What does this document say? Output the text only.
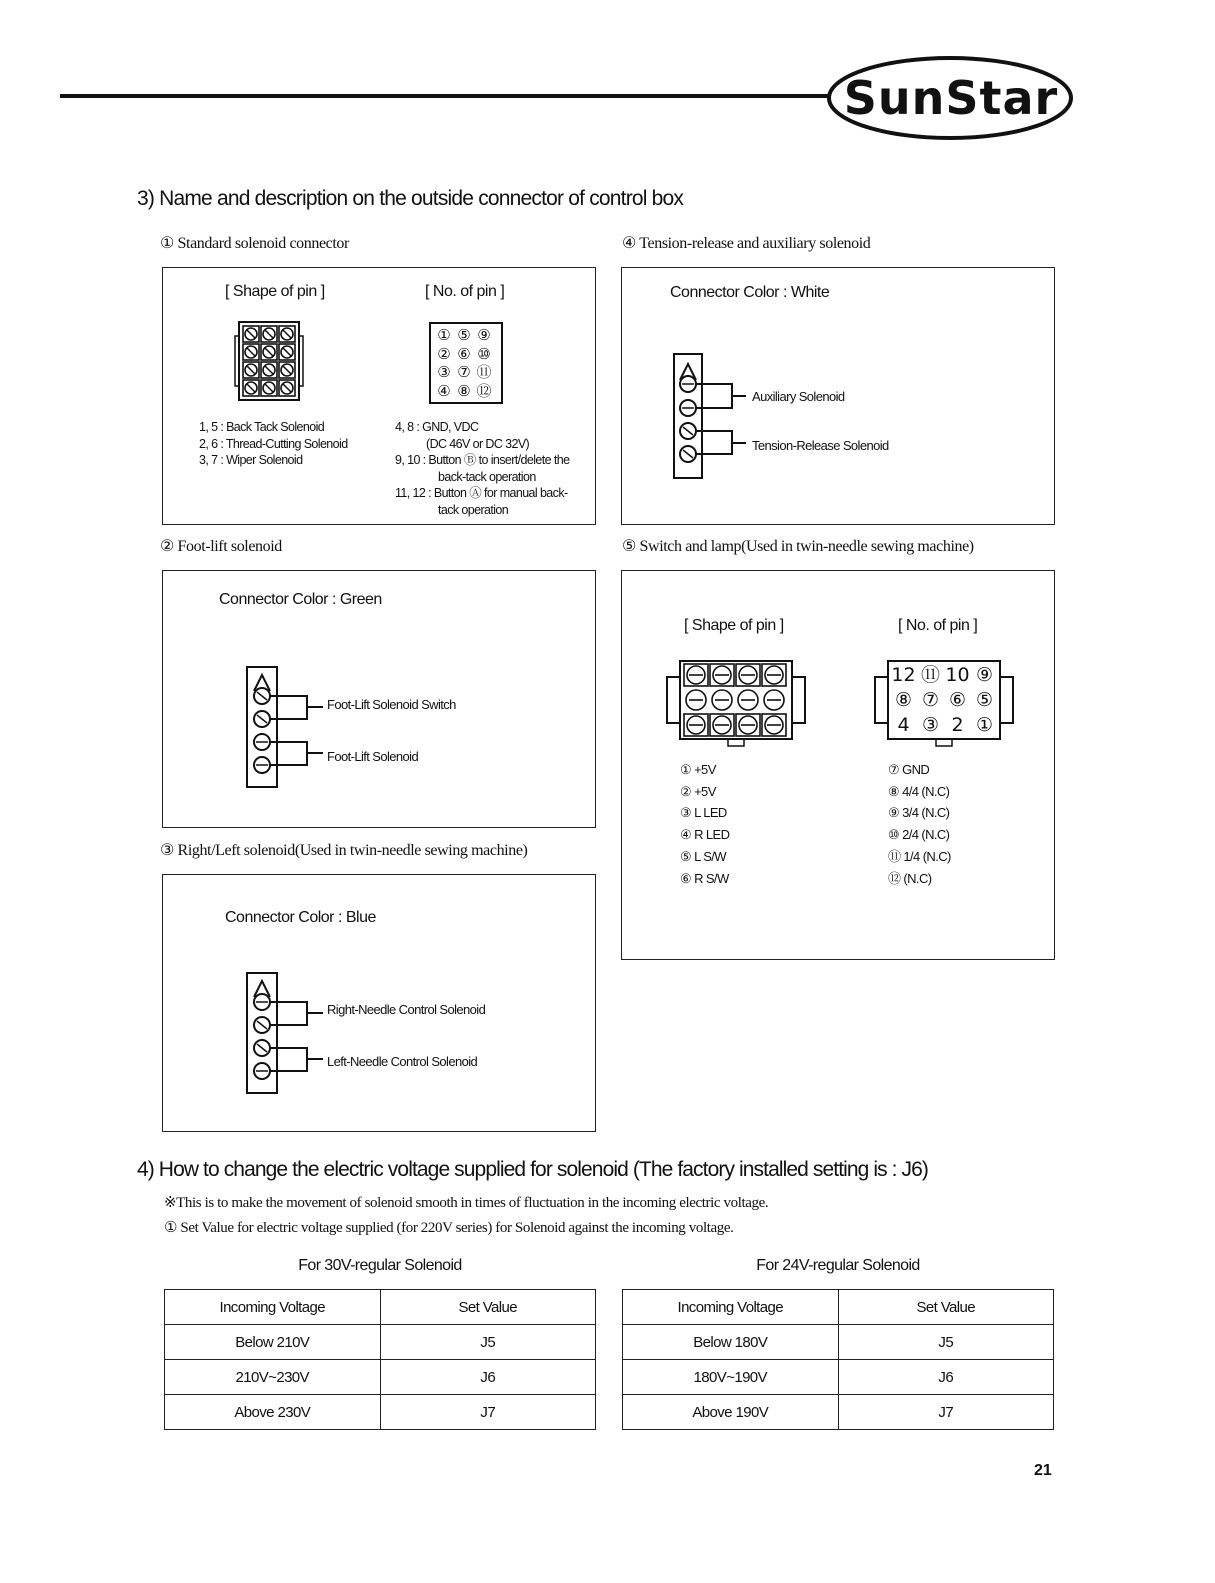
SunStar
3) Name and description on the outside connector of control box
① Standard solenoid connector	④ Tension-release and auxiliary solenoid
② Foot-lift solenoid	⑤ Switch and lamp(Used in twin-needle sewing machine)
③ Right/Left solenoid(Used in twin-needle sewing machine)
[ Shape of pin ]	[ No. of pin ]
① ⑤ ⑨
② ⑥ ⑩
③ ⑦ ⑪
④ ⑧ ⑫
1, 5 : Back Tack Solenoid
2, 6 : Thread-Cutting Solenoid
3, 7 : Wiper Solenoid
4, 8 : GND, VDC
(DC 46V or DC 32V)
9, 10 : Button Ⓑ to insert/delete the
back-tack operation
11, 12 : Button Ⓐ for manual back-
tack operation
Connector Color : White
Auxiliary Solenoid
Tension-Release Solenoid
Connector Color : Green
Foot-Lift Solenoid Switch
Foot-Lift Solenoid
Connector Color : Blue
Right-Needle Control Solenoid
Left-Needle Control Solenoid
[ Shape of pin ]	[ No. of pin ]
12 ⑪ 10 ⑨
⑧ ⑦ ⑥ ⑤
4 ③ 2 ①
① +5V
② +5V
③ L LED
④ R LED
⑤ L S/W
⑥ R S/W
⑦ GND
⑧ 4/4 (N.C)
⑨ 3/4 (N.C)
⑩ 2/4 (N.C)
⑪ 1/4 (N.C)
⑫ (N.C)
4) How to change the electric voltage supplied for solenoid (The factory installed setting is : J6)
※This is to make the movement of solenoid smooth in times of fluctuation in the incoming electric voltage.
① Set Value for electric voltage supplied (for 220V series) for Solenoid against the incoming voltage.
For 30V-regular Solenoid	For 24V-regular Solenoid
Incoming Voltage	Set Value
Below 210V	J5
210V~230V	J6
Above 230V	J7
Incoming Voltage	Set Value
Below 180V	J5
180V~190V	J6
Above 190V	J7
21
